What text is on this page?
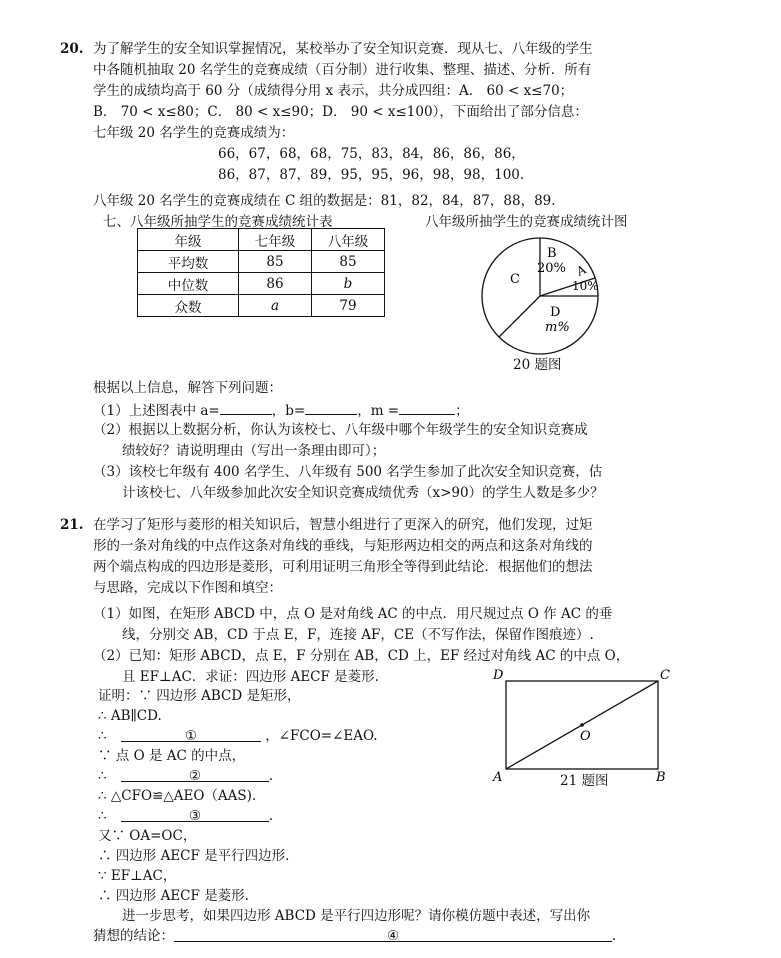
20. 为了解学生的安全知识掌握情况，某校举办了安全知识竞赛．现从七、八年级的学生
中各随机抽取 20 名学生的竞赛成绩（百分制）进行收集、整理、描述、分析．所有
学生的成绩均高于 60 分（成绩得分用 x 表示，共分成四组：A． 60 < x≤70；
B． 70 < x≤80；C． 80 < x≤90；D． 90 < x≤100），下面给出了部分信息：
七年级 20 名学生的竞赛成绩为：
66，67，68，68，75，83，84，86，86，86，
86，87，87，89，95，95，96，98，98，100.
八年级 20 名学生的竞赛成绩在 C 组的数据是：81，82，84，87，88，89.
七、八年级所抽学生的竞赛成绩统计表	八年级所抽学生的竞赛成绩统计图
年级	七年级	八年级
平均数	85	85
中位数	86	b
众数	a	79
B
20% A
10%
C
D
m%
20 题图
根据以上信息，解答下列问题：
（1）上述图表中 a=	，b=	，m =	；
（2）根据以上数据分析，你认为该校七、八年级中哪个年级学生的安全知识竞赛成
绩较好？请说明理由（写出一条理由即可）；
（3）该校七年级有 400 名学生、八年级有 500 名学生参加了此次安全知识竞赛，估
计该校七、八年级参加此次安全知识竞赛成绩优秀（x>90）的学生人数是多少？
21. 在学习了矩形与菱形的相关知识后，智慧小组进行了更深入的研究，他们发现，过矩
形的一条对角线的中点作这条对角线的垂线，与矩形两边相交的两点和这条对角线的
两个端点构成的四边形是菱形，可利用证明三角形全等得到此结论．根据他们的想法
与思路，完成以下作图和填空：
（1）如图，在矩形 ABCD 中，点 O 是对角线 AC 的中点．用尺规过点 O 作 AC 的垂
线，分别交 AB，CD 于点 E，F，连接 AF，CE（不写作法，保留作图痕迹）.
（2）已知：矩形 ABCD，点 E，F 分别在 AB，CD 上，EF 经过对角线 AC 的中点 O，
且 EF⊥AC．求证：四边形 AECF 是菱形.
证明：∵ 四边形 ABCD 是矩形，
∴ AB∥CD.
∴	①	，∠FCO=∠EAO.
∵ 点 O 是 AC 的中点，
∴	②	.
∴ △CFO≌△AEO（AAS).
∴	③	.
又∵ OA=OC，
∴ 四边形 AECF 是平行四边形.
∵ EF⊥AC，
∴ 四边形 AECF 是菱形.
进一步思考，如果四边形 ABCD 是平行四边形呢？请你模仿题中表述，写出你
猜想的结论：	④	.
D	C
A	B
O
21 题图
